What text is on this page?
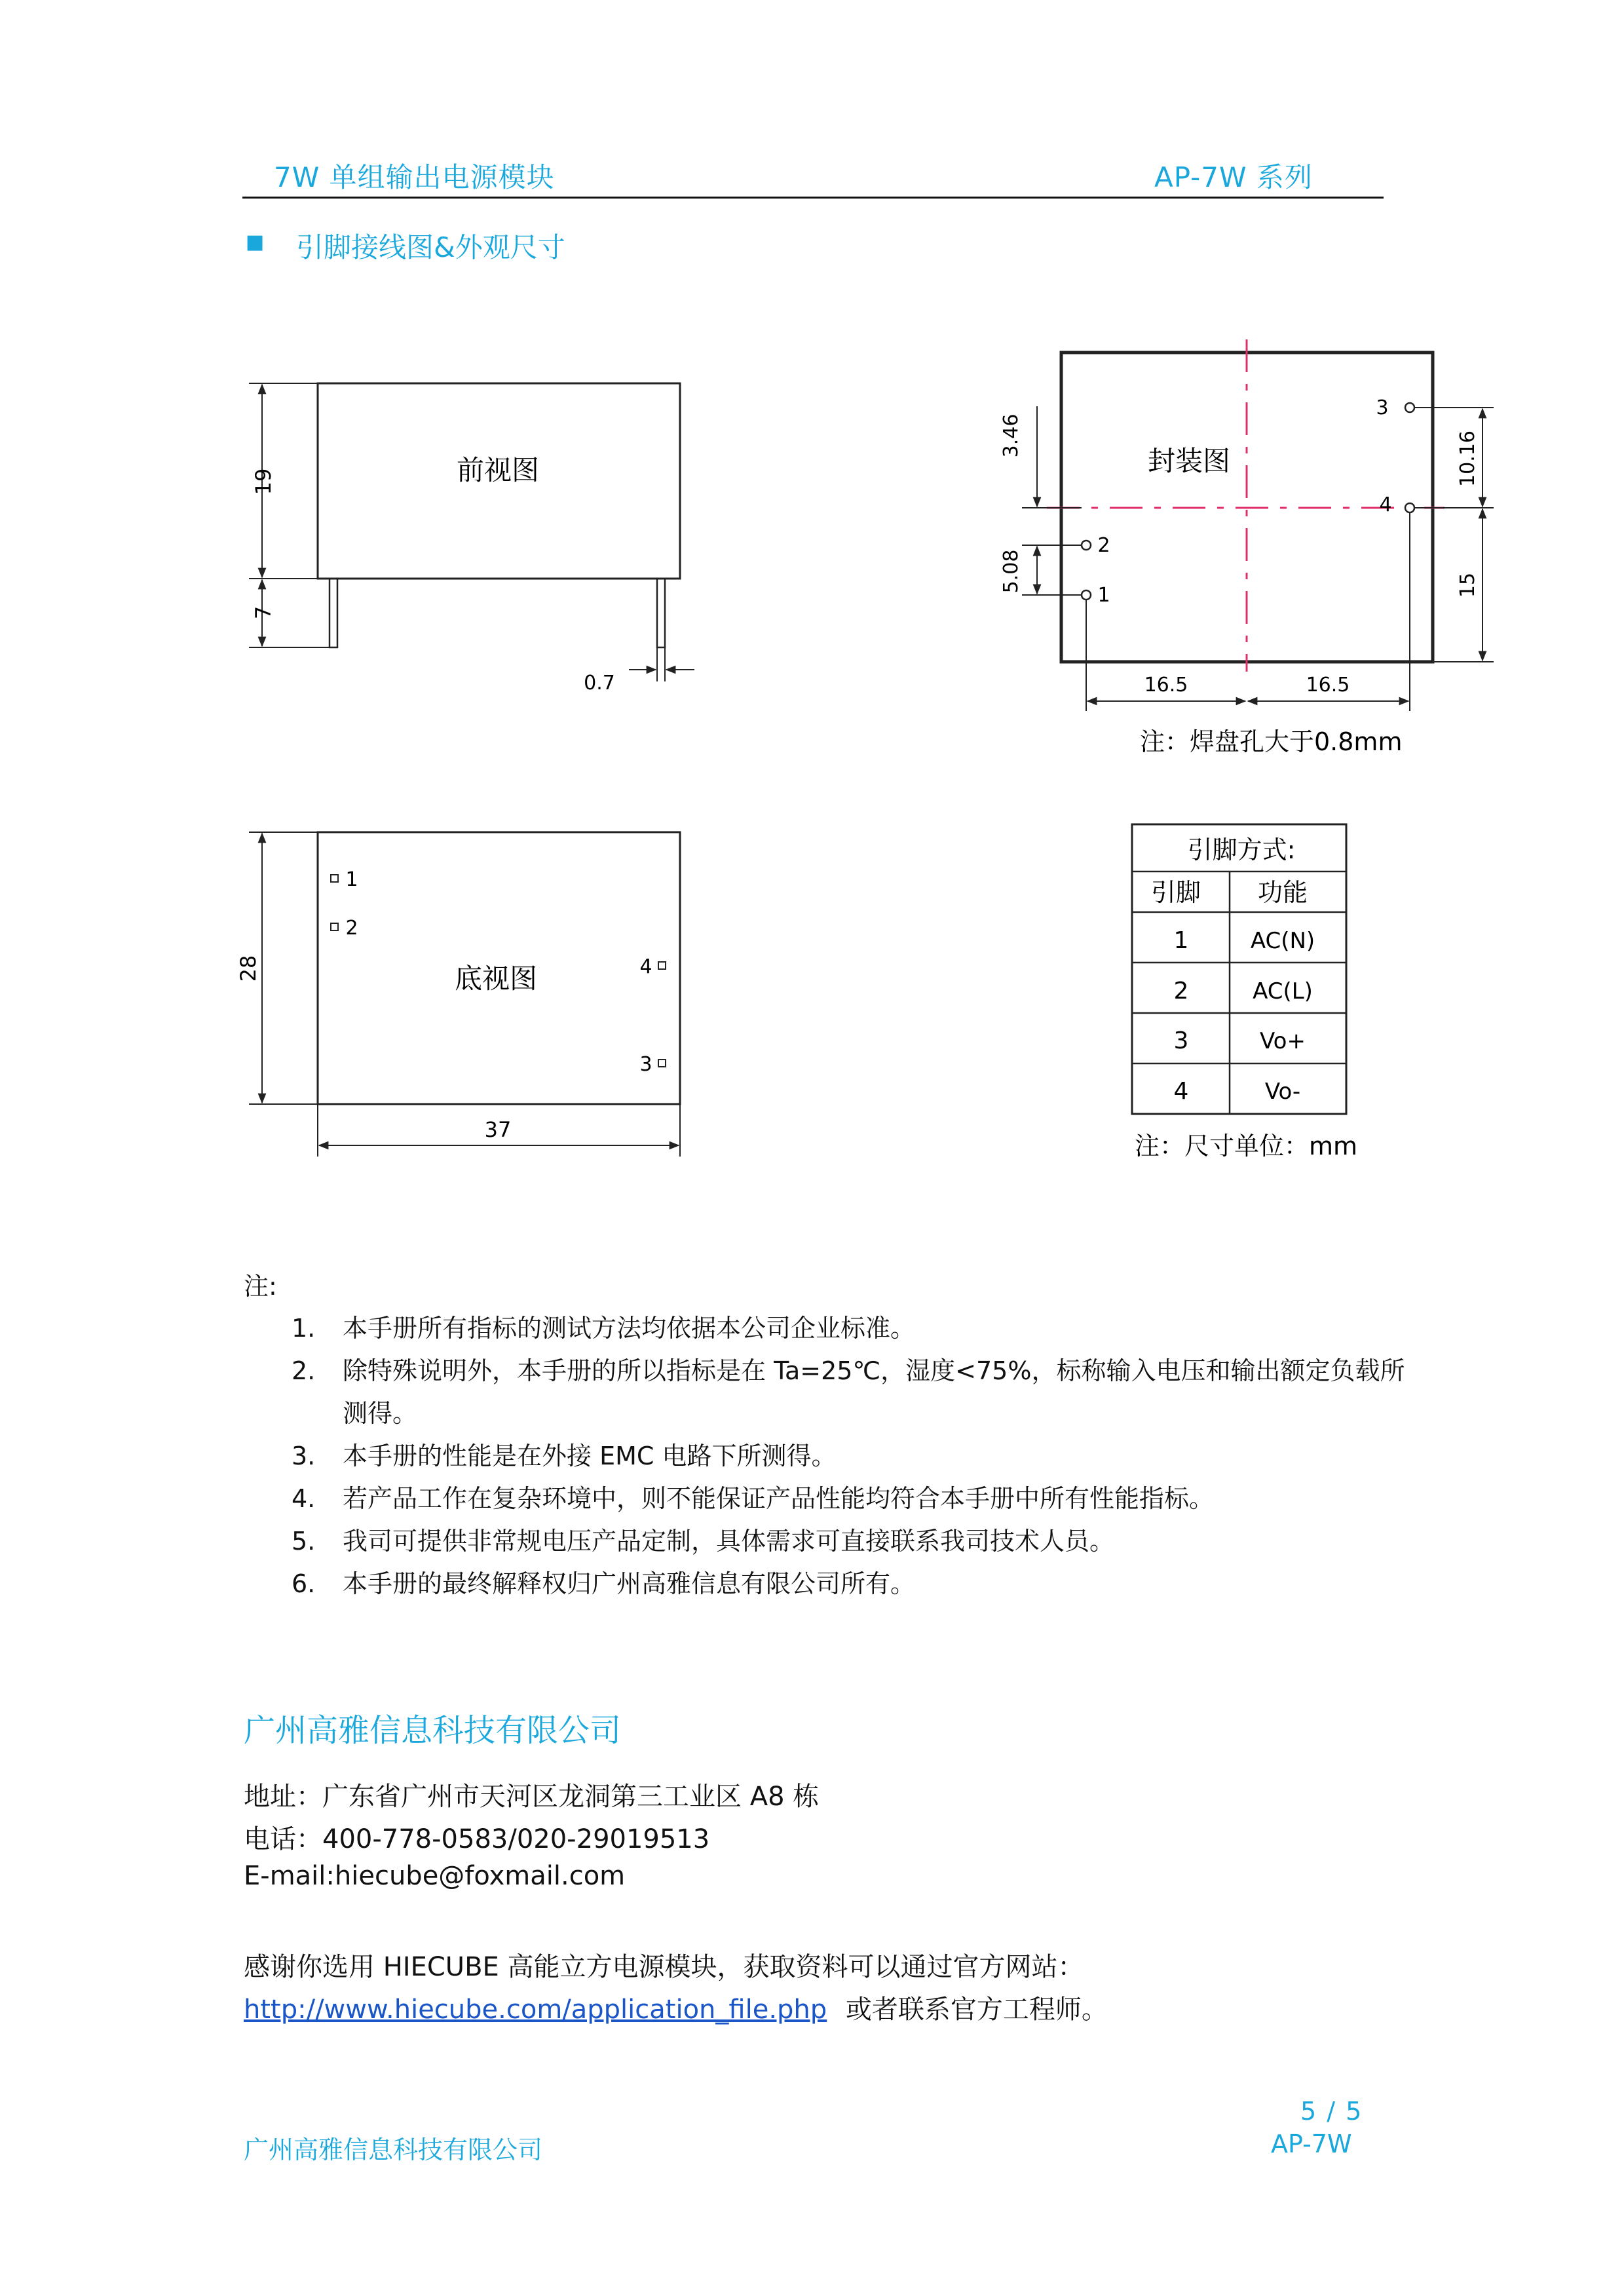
7W 单组输出电源模块	AP-7W 系列
■ 引脚接线图&外观尺寸
前视图
19
7
0.7
封装图
3
4
2
1
3.46
5.08
10.16
15
16.5	16.5
注：焊盘孔大于0.8mm
底视图
1
2
4
3
28
37
引脚方式:
引脚 功能
1	AC(N)
2	AC(L)
3	Vo+
4	Vo-
注：尺寸单位：mm
注:
1. 本手册所有指标的测试方法均依据本公司企业标准。
2. 除特殊说明外，本手册的所以指标是在 Ta=25℃，湿度<75%，标称输入电压和输出额定负载所测得。
3. 本手册的性能是在外接 EMC 电路下所测得。
4. 若产品工作在复杂环境中，则不能保证产品性能均符合本手册中所有性能指标。
5. 我司可提供非常规电压产品定制，具体需求可直接联系我司技术人员。
6. 本手册的最终解释权归广州高雅信息有限公司所有。
广州高雅信息科技有限公司
地址：广东省广州市天河区龙洞第三工业区 A8 栋
电话：400-778-0583/020-29019513
E-mail:hiecube@foxmail.com
感谢你选用 HIECUBE 高能立方电源模块，获取资料可以通过官方网站：
http://www.hiecube.com/application_file.php 或者联系官方工程师。
5 / 5
广州高雅信息科技有限公司	AP-7W
